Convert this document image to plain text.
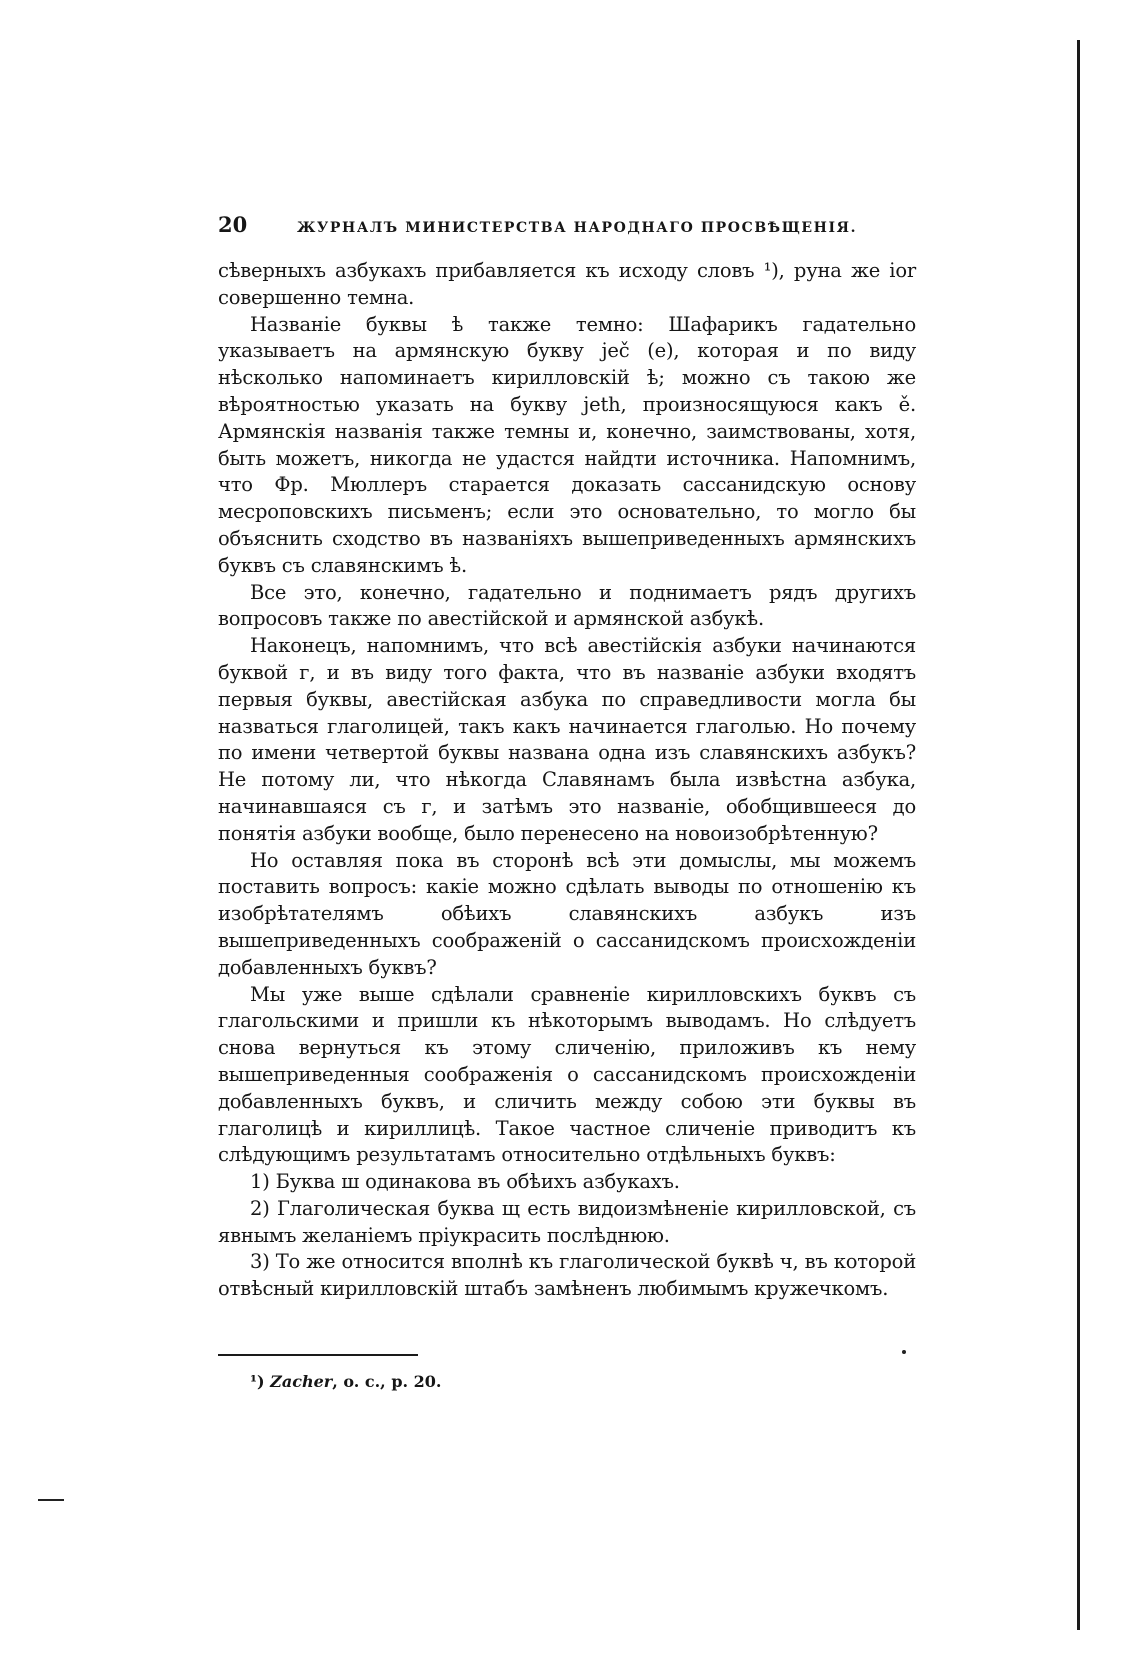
20	ЖУРНАЛЪ МИНИСТЕРСТВА НАРОДНАГО ПРОСВѢЩЕНІЯ.

сѣверныхъ азбукахъ прибавляется къ исходу словъ ¹), руна же ior совершенно темна.

Названіе буквы ѣ также темно: Шафарикъ гадательно указываетъ на армянскую букву jеč (е), которая и по виду нѣсколько напоминаетъ кирилловскій ѣ; можно съ такою же вѣроятностью указать на букву jeth, произносящуюся какъ ě. Армянскія названія также темны и, конечно, заимствованы, хотя, быть можетъ, никогда не удастся найдти источника. Напомнимъ, что Фр. Мюллеръ старается доказать сассанидскую основу месроповскихъ письменъ; если это основательно, то могло бы объяснить сходство въ названіяхъ вышеприведенныхъ армянскихъ буквъ съ славянскимъ ѣ.

Все это, конечно, гадательно и поднимаетъ рядъ другихъ вопросовъ также по авестійской и армянской азбукѣ.

Наконецъ, напомнимъ, что всѣ авестійскія азбуки начинаются буквой г, и въ виду того факта, что въ названіе азбуки входятъ первыя буквы, авестійская азбука по справедливости могла бы назваться глаголицей, такъ какъ начинается глаголью. Но почему по имени четвертой буквы названа одна изъ славянскихъ азбукъ? Не потому ли, что нѣкогда Славянамъ была извѣстна азбука, начинавшаяся съ г, и затѣмъ это названіе, обобщившееся до понятія азбуки вообще, было перенесено на новоизобрѣтенную?

Но оставляя пока въ сторонѣ всѣ эти домыслы, мы можемъ поставить вопросъ: какіе можно сдѣлать выводы по отношенію къ изобрѣтателямъ обѣихъ славянскихъ азбукъ изъ вышеприведенныхъ соображеній о сассанидскомъ происхожденіи добавленныхъ буквъ?

Мы уже выше сдѣлали сравненіе кирилловскихъ буквъ съ глагольскими и пришли къ нѣкоторымъ выводамъ. Но слѣдуетъ снова вернуться къ этому сличенію, приложивъ къ нему вышеприведенныя соображенія о сассанидскомъ происхожденіи добавленныхъ буквъ, и сличить между собою эти буквы въ глаголицѣ и кириллицѣ. Такое частное сличеніе приводитъ къ слѣдующимъ результатамъ относительно отдѣльныхъ буквъ:

1) Буква ш одинакова въ обѣихъ азбукахъ.

2) Глаголическая буква щ есть видоизмѣненіе кирилловской, съ явнымъ желаніемъ пріукрасить послѣднюю.

3) То же относится вполнѣ къ глаголической буквѣ ч, въ которой отвѣсный кирилловскій штабъ замѣненъ любимымъ кружечкомъ.

¹) Zacher, o. c., p. 20.
